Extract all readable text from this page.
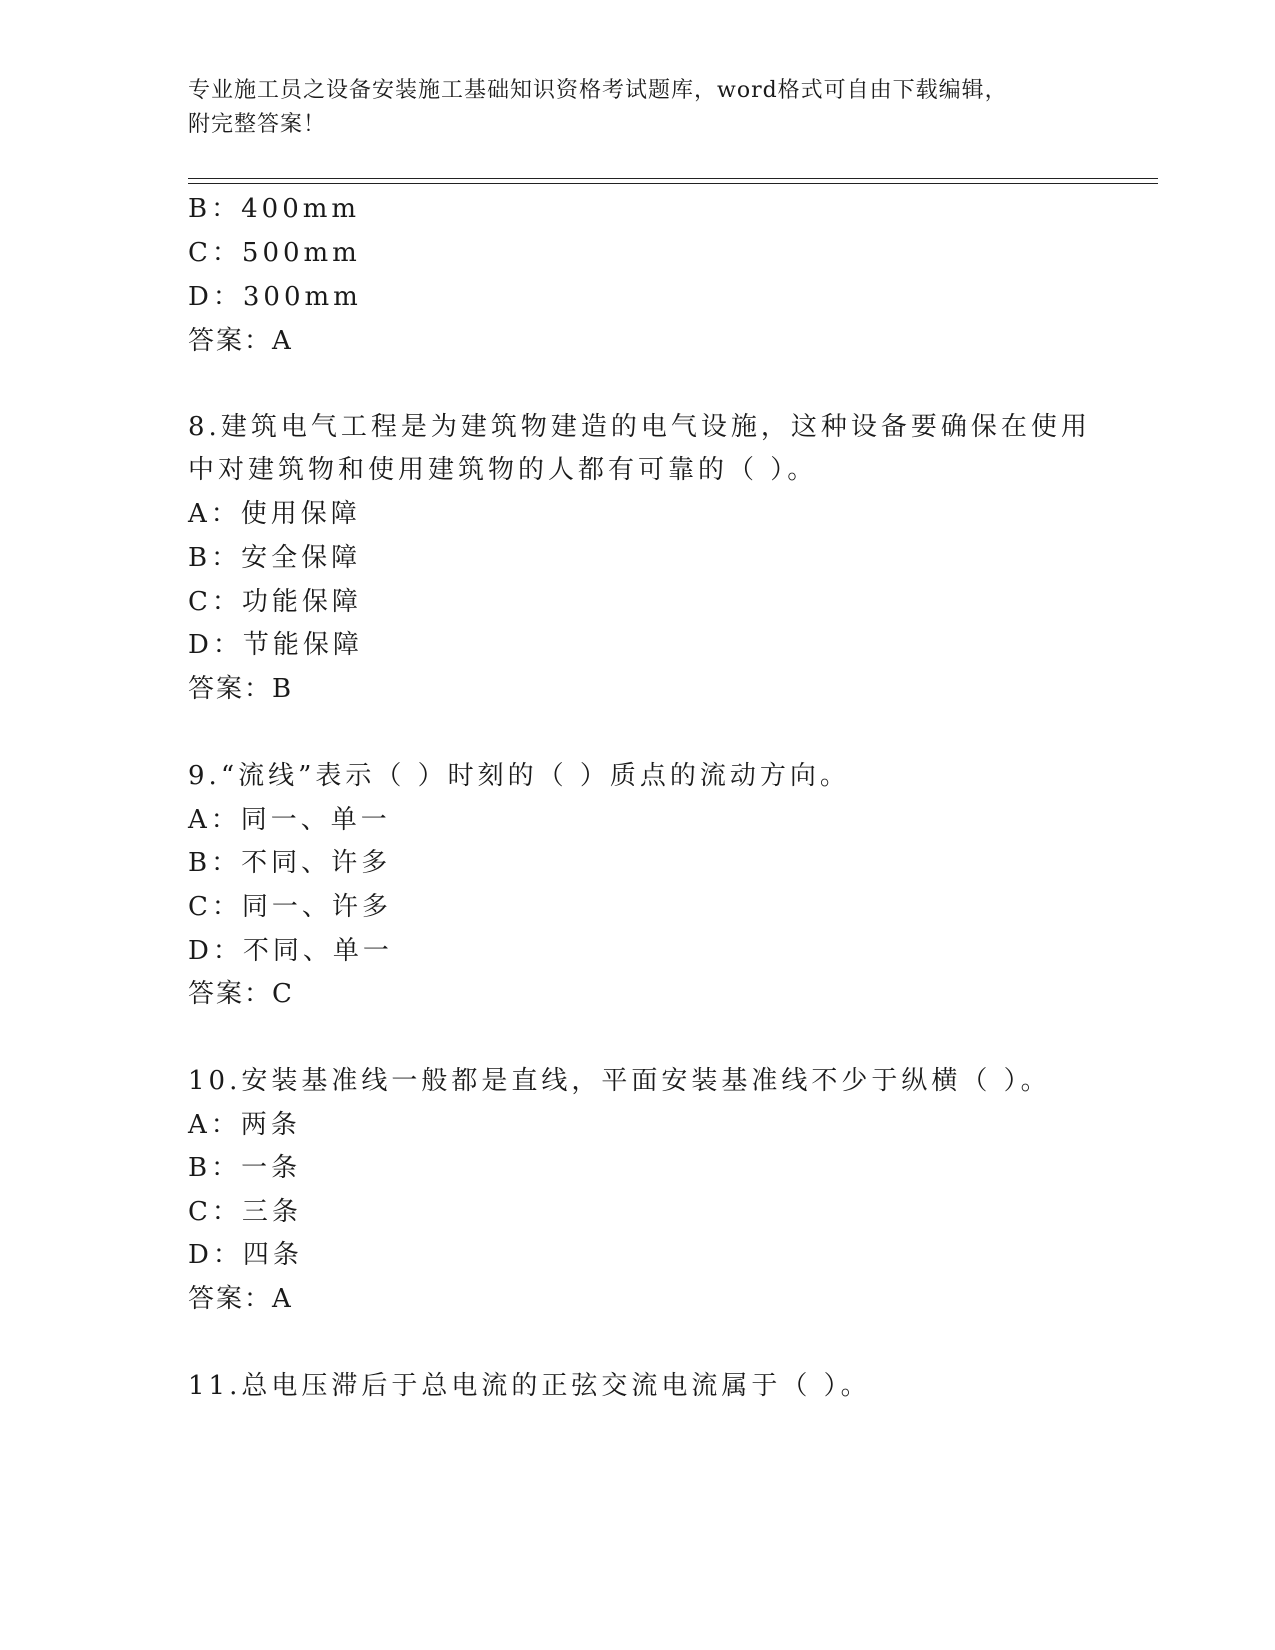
专业施工员之设备安装施工基础知识资格考试题库，word格式可自由下载编辑，
附完整答案！
B：400mm
C：500mm
D：300mm
答案：A
8.建筑电气工程是为建筑物建造的电气设施，这种设备要确保在使用
中对建筑物和使用建筑物的人都有可靠的（ ）。
A：使用保障
B：安全保障
C：功能保障
D：节能保障
答案：B
9.“流线”表示（ ）时刻的（ ）质点的流动方向。
A：同一、单一
B：不同、许多
C：同一、许多
D：不同、单一
答案：C
10.安装基准线一般都是直线，平面安装基准线不少于纵横（ ）。
A：两条
B：一条
C：三条
D：四条
答案：A
11.总电压滞后于总电流的正弦交流电流属于（ ）。
